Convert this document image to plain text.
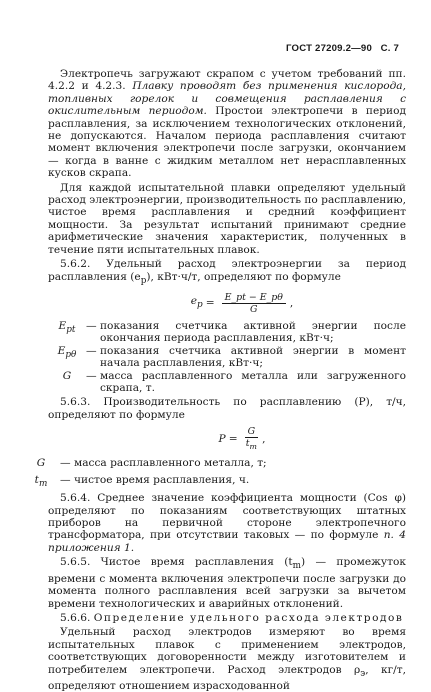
ГОСТ 27209.2—90 С. 7

Электропечь загружают скрапом с учетом требований пп. 4.2.2 и 4.2.3. Плавку проводят без применения кислорода, топливных горелок и совмещения расплавления с окислительным периодом. Простои электропечи в период расплавления, за исключением технологических отклонений, не допускаются. Началом периода расплавления считают момент включения электропечи после загрузки, окончанием — когда в ванне с жидким металлом нет нерасплавленных кусков скрапа.

Для каждой испытательной плавки определяют удельный расход электроэнергии, производительность по расплавлению, чистое время расплавления и средний коэффициент мощности. За результат испытаний принимают средние арифметические значения характеристик, полученных в течение пяти испытательных плавок.

5.6.2. Удельный расход электроэнергии за период расплавления $(e_р)$, кВт·ч/т, определяют по формуле

$e_p = \frac{E\_pt - E\_p\theta}{G}$ ,
$E_{pt}$ — показания счетчика активной энергии после окончания периода расплавления, кВт·ч;
$E_{p\theta}$ — показания счетчика активной энергии в момент начала расплавления, кВт·ч;
G	— масса расплавленного металла или загруженного скрапа, т.

5.6.3. Производительность по расплавлению (P), т/ч, определяют по формуле

$P = \frac{G}{t_m}$ ,
G	— масса расплавленного металла, т;
$t_m$	— чистое время расплавления, ч.

5.6.4. Среднее значение коэффициента мощности (Cos φ) определяют по показаниям соответствующих штатных приборов на первичной стороне электропечного трансформатора, при отсутствии таковых — по формуле п. 4 приложения 1.

5.6.5. Чистое время расплавления $(t_m)$ — промежуток времени с момента включения электропечи после загрузки до момента полного расплавления всей загрузки за вычетом времени технологических и аварийных отклонений.

5.6.6. Определение удельного расхода электродов

Удельный расход электродов измеряют во время испытательных плавок с применением электродов, соответствующих договоренности между изготовителем и потребителем электропечи. Расход электродов $\rho_э$, кг/т, определяют отношением израсходованной
